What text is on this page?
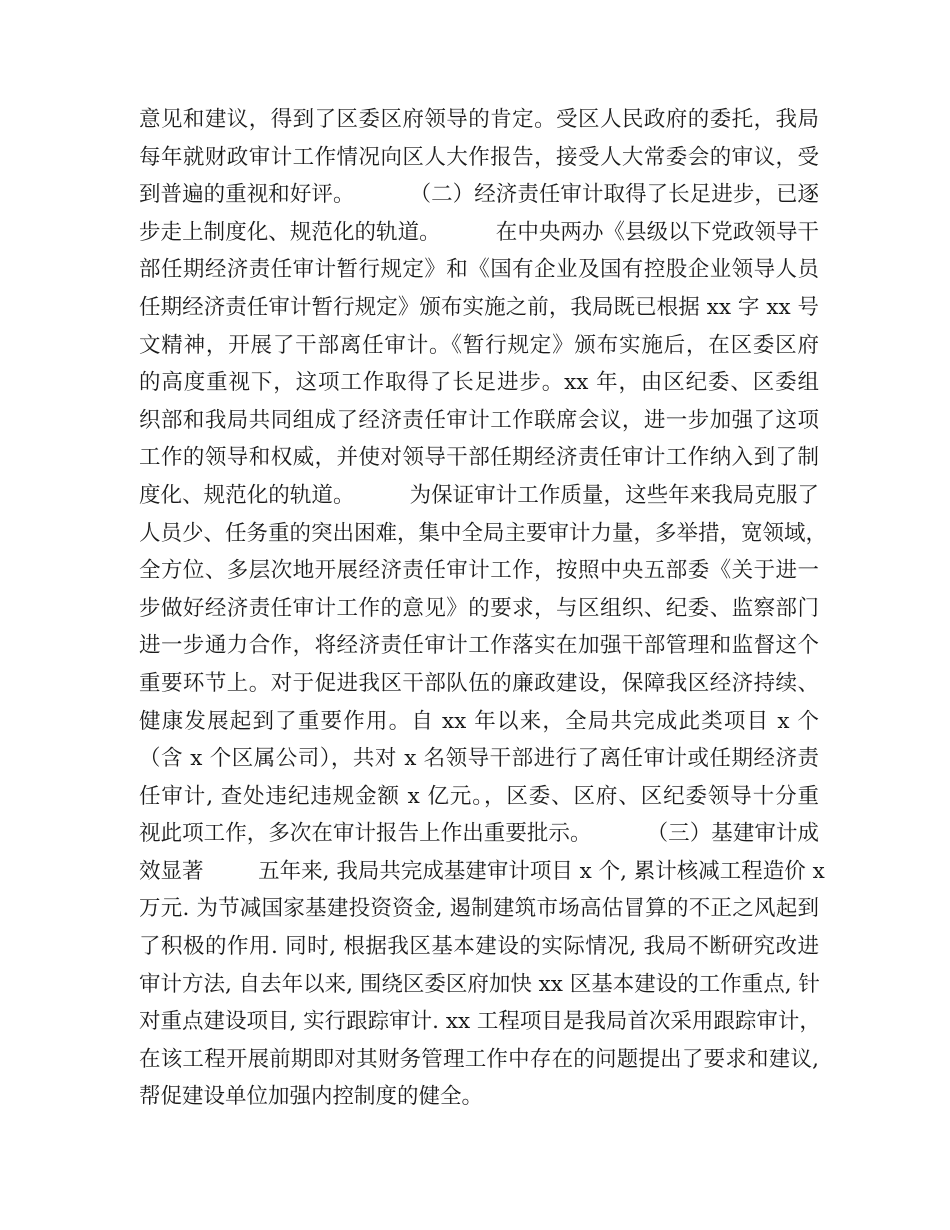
意见和建议，得到了区委区府领导的肯定。受区人民政府的委托，我局
每年就财政审计工作情况向区人大作报告，接受人大常委会的审议，受
到普遍的重视和好评。        （二）经济责任审计取得了长足进步，已逐
步走上制度化、规范化的轨道。        在中央两办《县级以下党政领导干
部任期经济责任审计暂行规定》和《国有企业及国有控股企业领导人员
任期经济责任审计暂行规定》颁布实施之前，我局既已根据 xx 字 xx 号
文精神，开展了干部离任审计。《暂行规定》颁布实施后，在区委区府
的高度重视下，这项工作取得了长足进步。xx 年，由区纪委、区委组
织部和我局共同组成了经济责任审计工作联席会议，进一步加强了这项
工作的领导和权威，并使对领导干部任期经济责任审计工作纳入到了制
度化、规范化的轨道。        为保证审计工作质量，这些年来我局克服了
人员少、任务重的突出困难，集中全局主要审计力量，多举措，宽领域，
全方位、多层次地开展经济责任审计工作，按照中央五部委《关于进一
步做好经济责任审计工作的意见》的要求，与区组织、纪委、监察部门
进一步通力合作，将经济责任审计工作落实在加强干部管理和监督这个
重要环节上。对于促进我区干部队伍的廉政建设，保障我区经济持续、
健康发展起到了重要作用。自 xx 年以来，全局共完成此类项目 x 个
（含 x 个区属公司），共对 x 名领导干部进行了离任审计或任期经济责
任审计, 查处违纪违规金额 x 亿元。，区委、区府、区纪委领导十分重
视此项工作，多次在审计报告上作出重要批示。        （三）基建审计成
效显著        五年来, 我局共完成基建审计项目 x 个, 累计核减工程造价 x
万元. 为节减国家基建投资资金, 遏制建筑市场高估冒算的不正之风起到
了积极的作用. 同时, 根据我区基本建设的实际情况, 我局不断研究改进
审计方法, 自去年以来, 围绕区委区府加快 xx 区基本建设的工作重点, 针
对重点建设项目, 实行跟踪审计. xx 工程项目是我局首次采用跟踪审计，
在该工程开展前期即对其财务管理工作中存在的问题提出了要求和建议,
帮促建设单位加强内控制度的健全。
